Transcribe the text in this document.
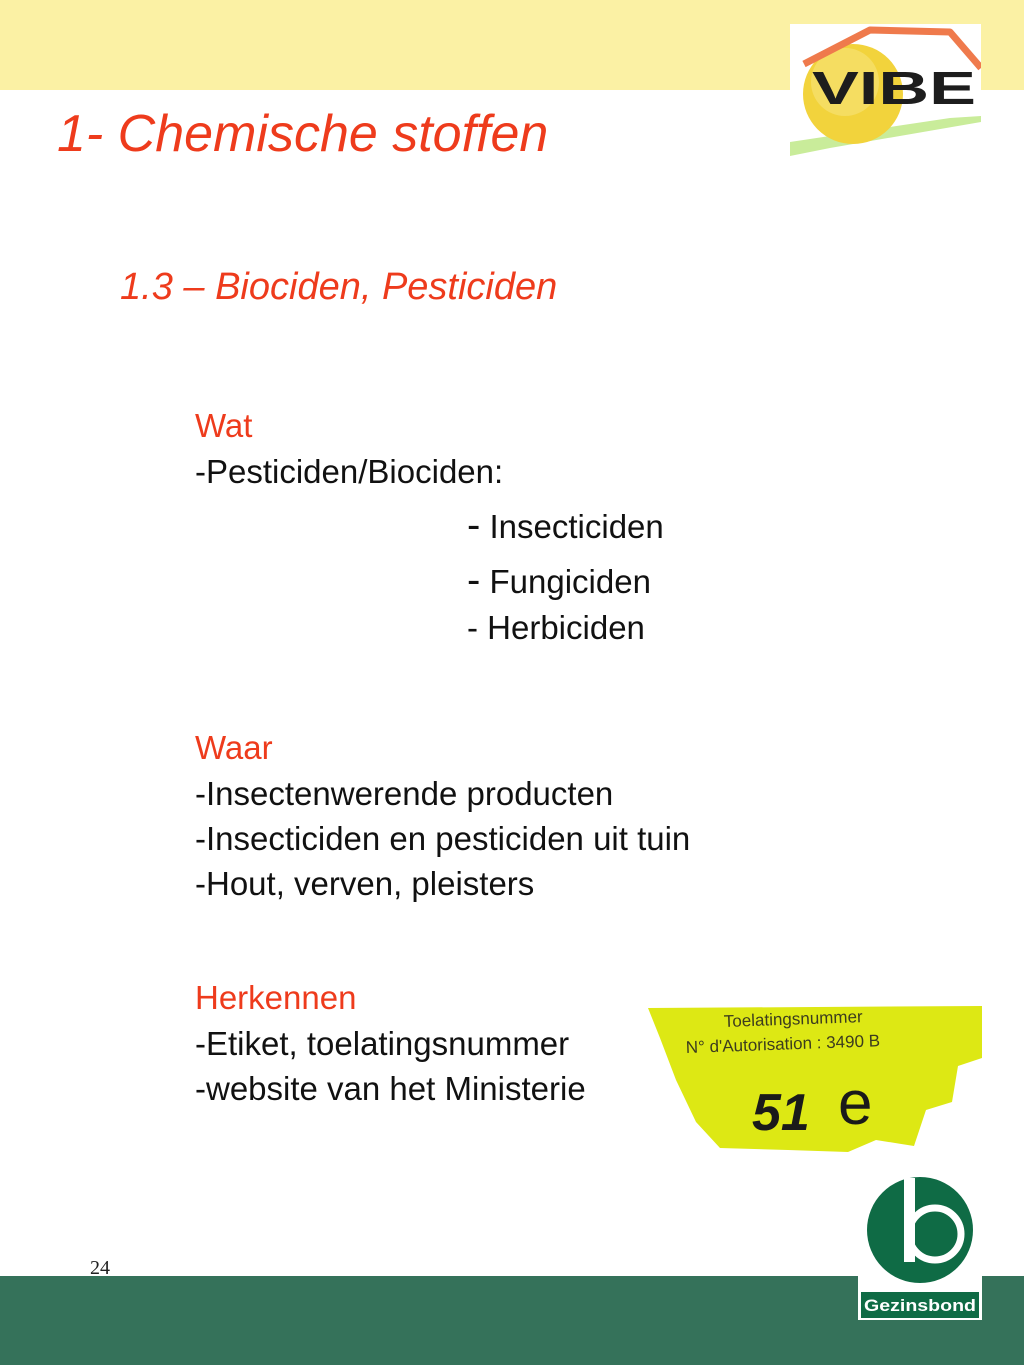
VIBE
1- Chemische stoffen
1.3 – Biociden, Pesticiden
Wat
-Pesticiden/Biociden:
- Insecticiden
- Fungiciden
- Herbiciden
Waar
-Insectenwerende producten
-Insecticiden en pesticiden uit tuin
-Hout, verven, pleisters
Herkennen
-Etiket, toelatingsnummer
-website van het Ministerie
Toelatingsnummer
N° d'Autorisation : 3490 B
51 e
Gezinsbond
24
